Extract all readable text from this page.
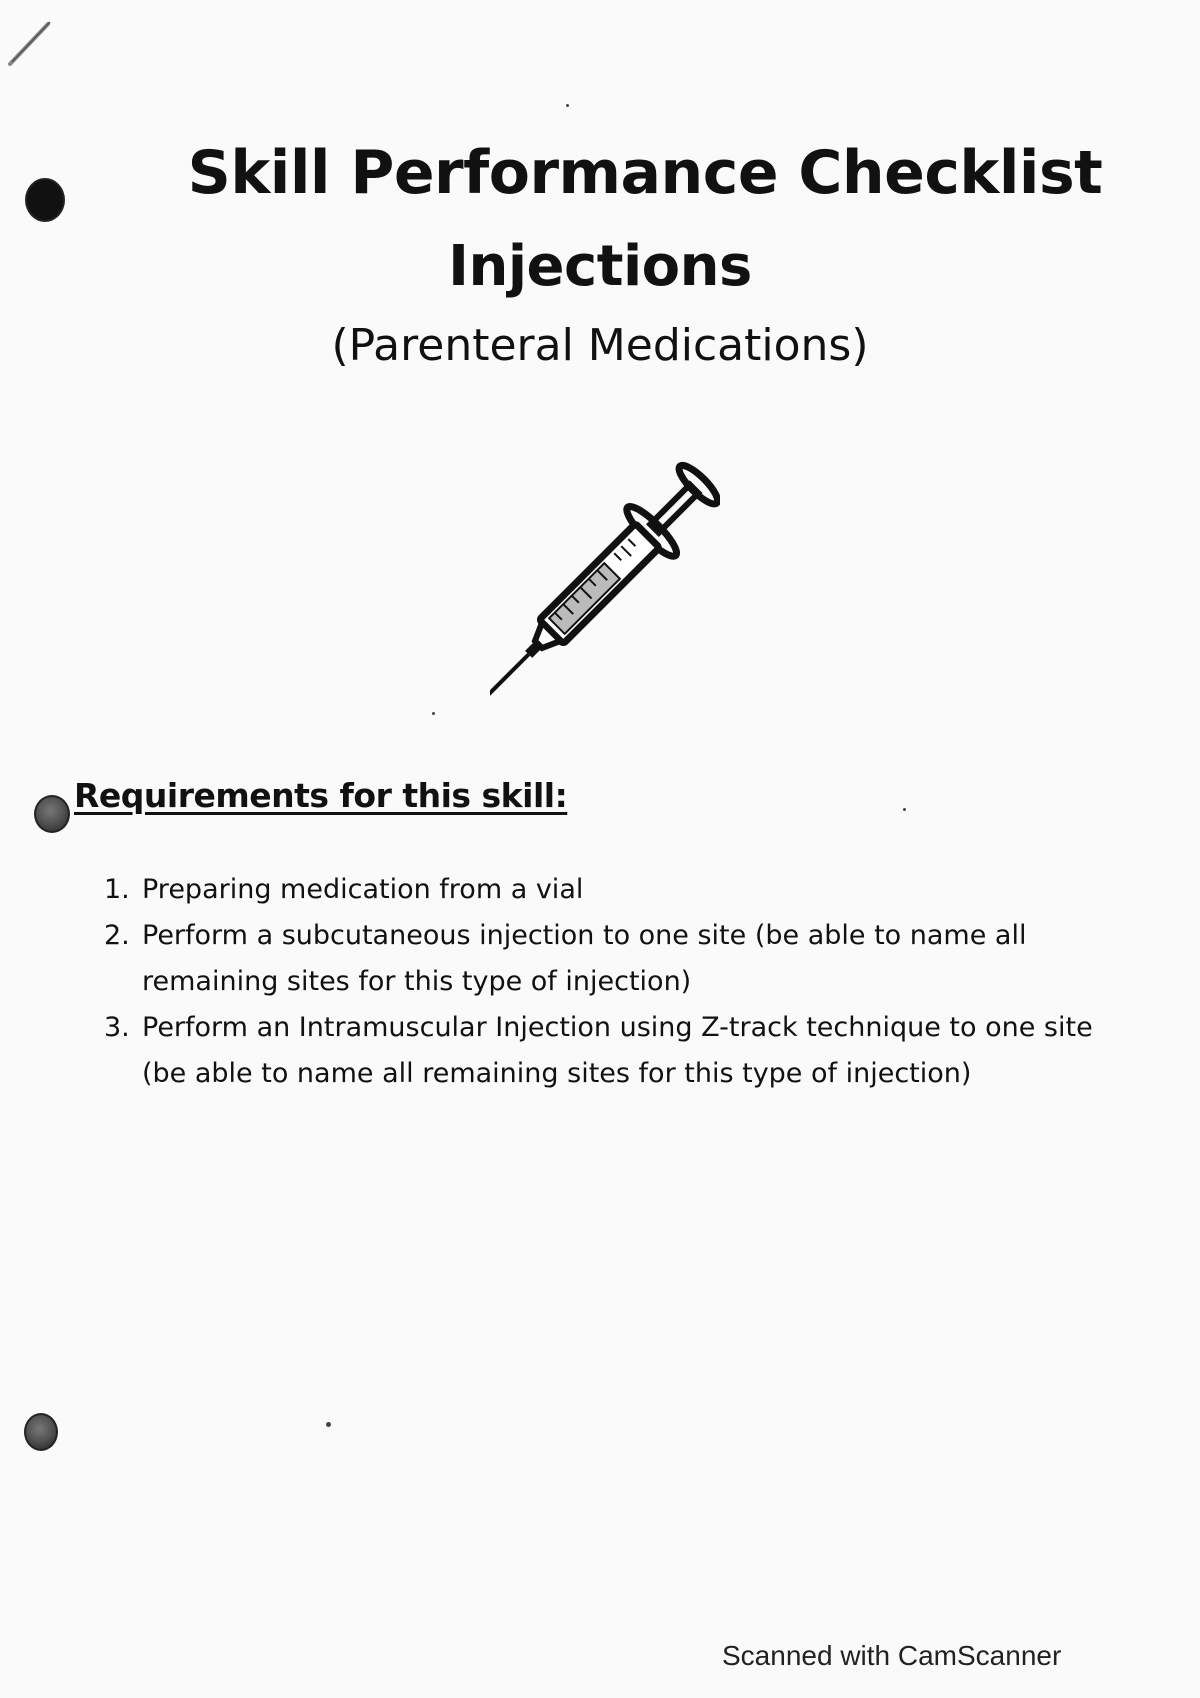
Skill Performance Checklist
Injections

(Parenteral Medications)

Requirements for this skill:
1. Preparing medication from a vial
2. Perform a subcutaneous injection to one site (be able to name all remaining sites for this type of injection)
3. Perform an Intramuscular Injection using Z-track technique to one site (be able to name all remaining sites for this type of injection)

Scanned with CamScanner
